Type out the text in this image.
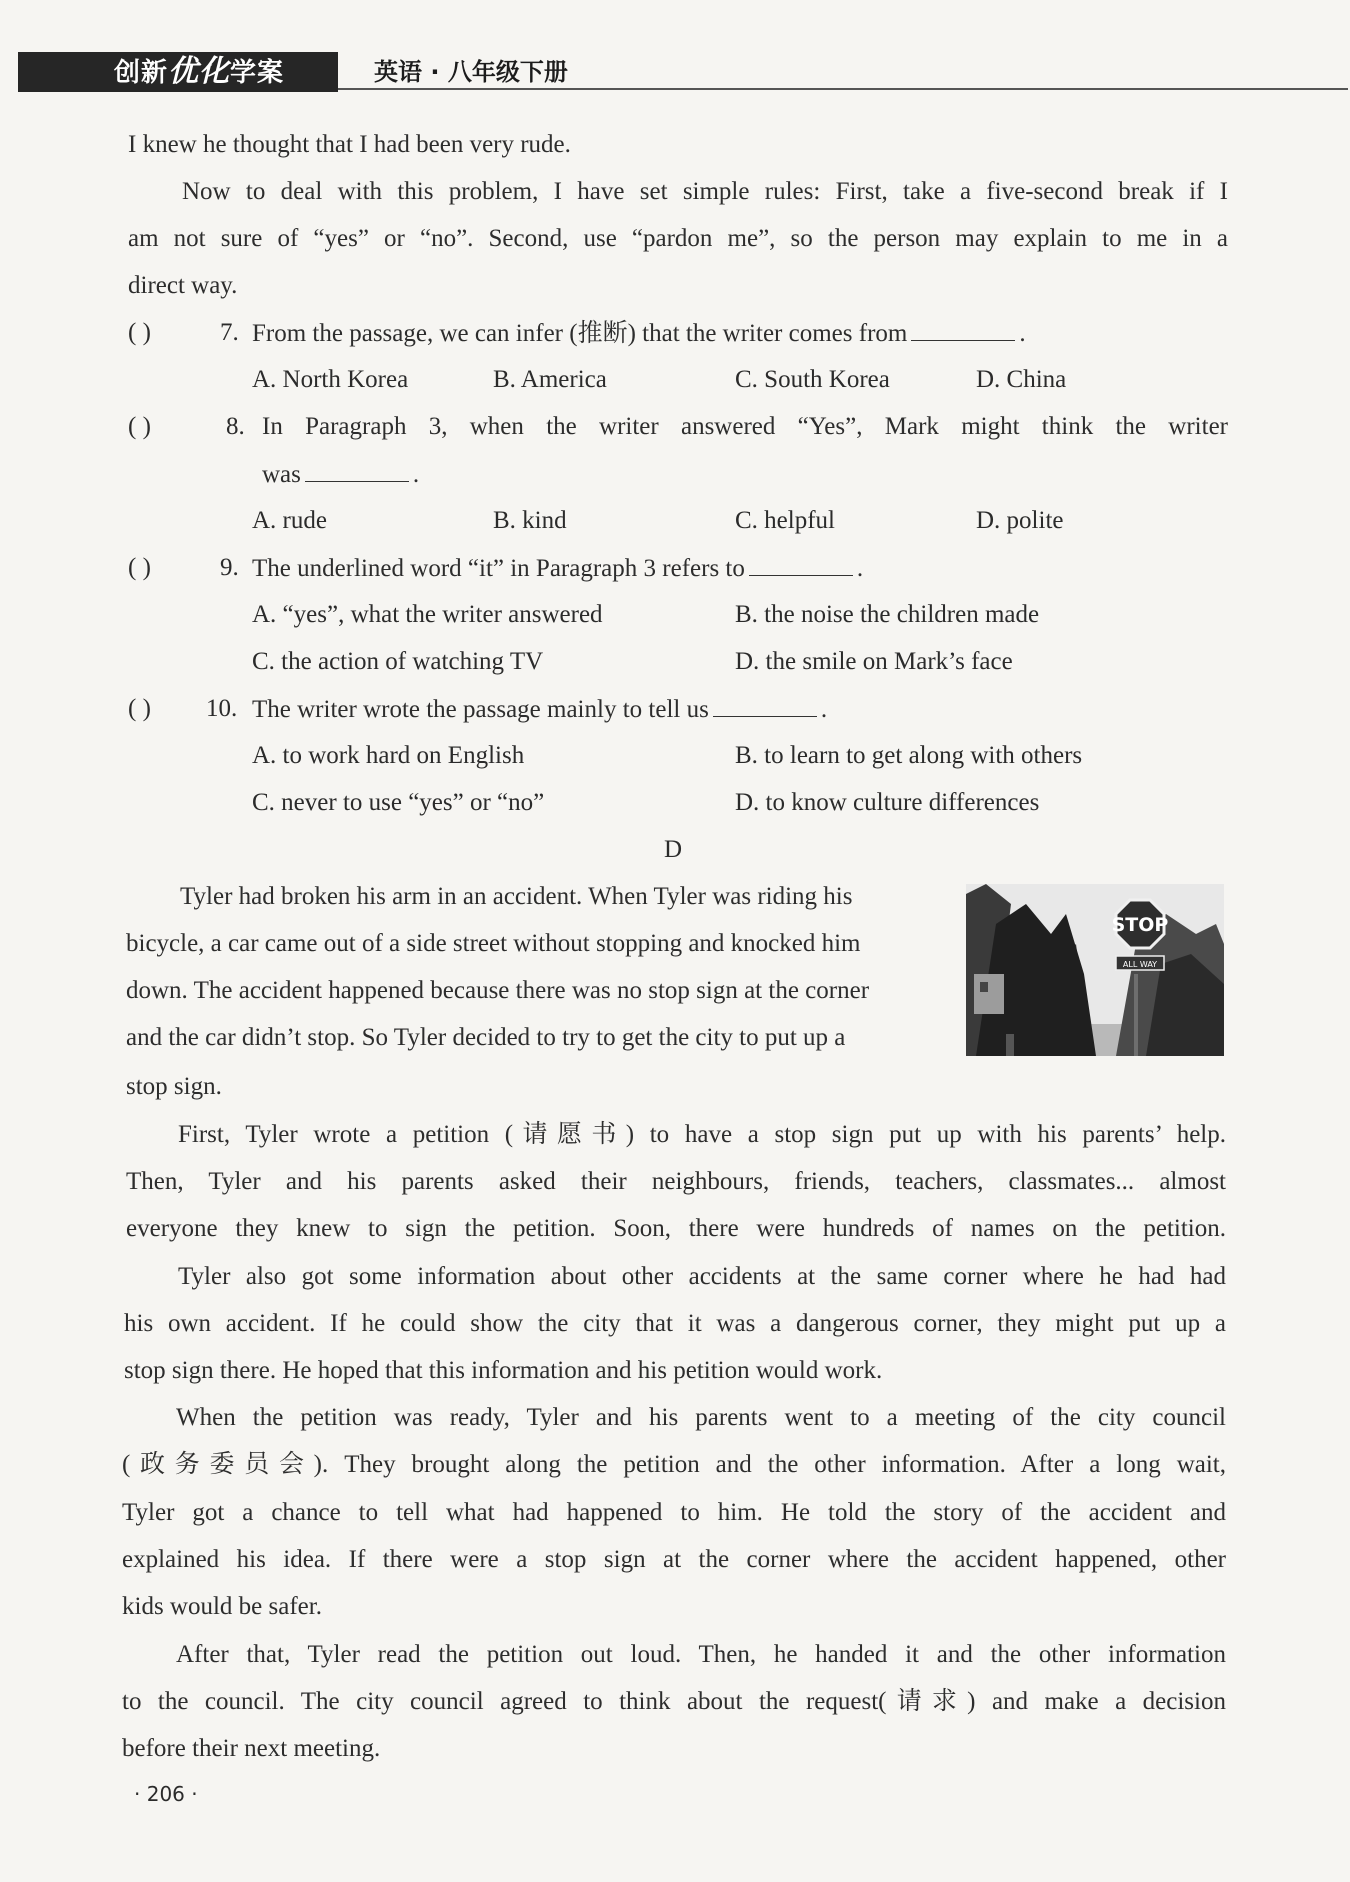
创新优化学案	英语 · 八年级下册
I knew he thought that I had been very rude.
Now to deal with this problem, I have set simple rules: First, take a five-second break if I
am not sure of “yes” or “no”. Second, use “pardon me”, so the person may explain to me in a
direct way.
( )	7. From the passage, we can infer (推断) that the writer comes from	.
A. North Korea	B. America	C. South Korea	D. China
( )	8. In Paragraph 3, when the writer answered “Yes”, Mark might think the writer
was	.
A. rude	B. kind	C. helpful	D. polite
( )	9. The underlined word “it” in Paragraph 3 refers to	.
A. “yes”, what the writer answered	B. the noise the children made
C. the action of watching TV	D. the smile on Mark’s face
( ) 10. The writer wrote the passage mainly to tell us	.
A. to work hard on English	B. to learn to get along with others
C. never to use “yes” or “no”	D. to know culture differences
D
Tyler had broken his arm in an accident. When Tyler was riding his
bicycle, a car came out of a side street without stopping and knocked him
down. The accident happened because there was no stop sign at the corner
and the car didn’t stop. So Tyler decided to try to get the city to put up a
stop sign.
STOP
ALL WAY
First, Tyler wrote a petition (请愿书) to have a stop sign put up with his parents’ help.
Then, Tyler and his parents asked their neighbours, friends, teachers, classmates... almost
everyone they knew to sign the petition. Soon, there were hundreds of names on the petition.
Tyler also got some information about other accidents at the same corner where he had had
his own accident. If he could show the city that it was a dangerous corner, they might put up a
stop sign there. He hoped that this information and his petition would work.
When the petition was ready, Tyler and his parents went to a meeting of the city council
(政务委员会). They brought along the petition and the other information. After a long wait,
Tyler got a chance to tell what had happened to him. He told the story of the accident and
explained his idea. If there were a stop sign at the corner where the accident happened, other
kids would be safer.
After that, Tyler read the petition out loud. Then, he handed it and the other information
to the council. The city council agreed to think about the request(请求) and make a decision
before their next meeting.
· 206 ·
